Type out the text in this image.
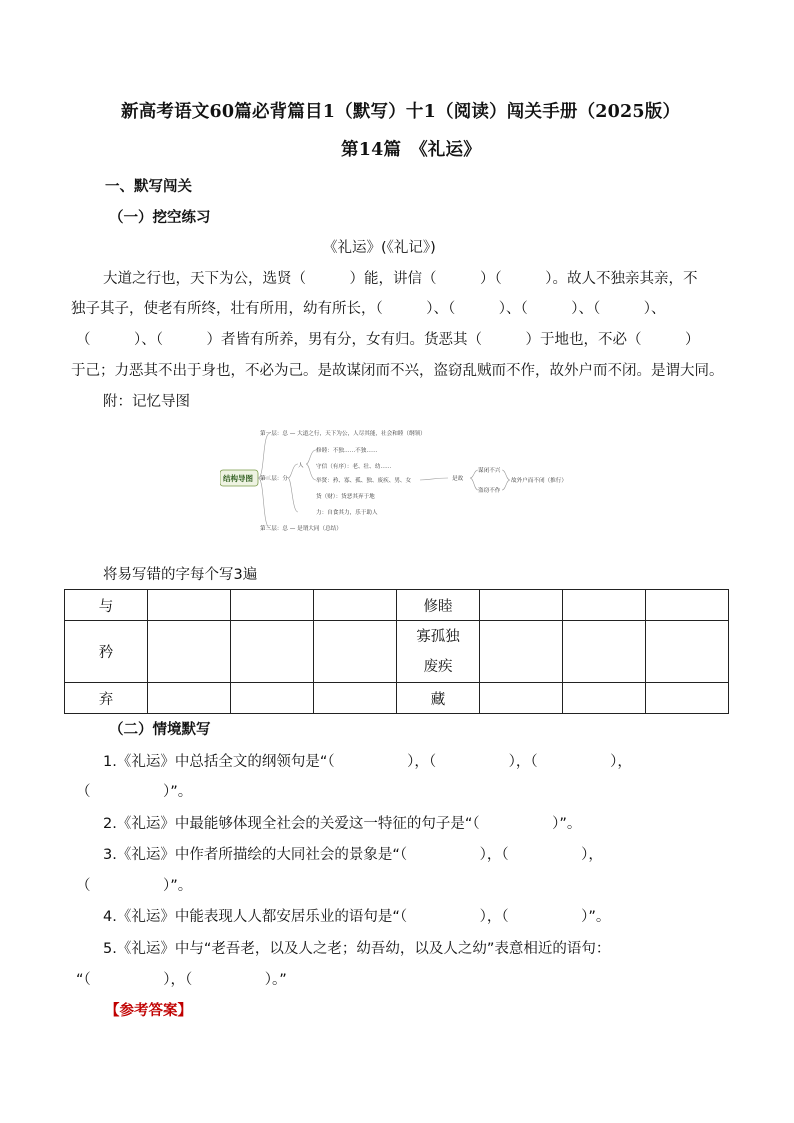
新高考语文60篇必背篇目1（默写）十1（阅读）闯关手册（2025版）
第14篇　《礼运》
一、默写闯关
（一）挖空练习
《礼运》(《礼记》)
大道之行也，天下为公，选贤（　　　）能，讲信（　　　）（　　　）。故人不独亲其亲，不
独子其子，使老有所终，壮有所用，幼有所长，（　　　）、（　　　）、（　　　）、（　　　）、
（　　　）、（　　　）者皆有所养，男有分，女有归。货恶其（　　　）于地也，不必（　　　）
于己；力恶其不出于身也，不必为己。是故谋闭而不兴，盗窃乱贼而不作，故外户而不闭。是谓大同。
附：记忆导图
结构导图
第一层：总 — 大道之行，天下为公，人尽其能，社会和睦（纲领）
第二层：分
第三层：总 — 是谓大同（总结）
人
修睦：不独……不独……
守信（有序）：老、壮、幼……
举贤：矜、寡、孤、独、废疾、男、女
货（财）：货恶其弃于地
力：自食其力，乐于助人
是故
谋闭不兴
盗窃不作
故外户而不闭（推行）
将易写错的字每个写3遍
与				修睦			
矜				寡孤独
废疾			

弃				藏			
（二）情境默写
1.《礼运》中总括全文的纲领句是“（　　　　　），（　　　　　），（　　　　　），
（　　　　　）”。
2.《礼运》中最能够体现全社会的关爱这一特征的句子是“（　　　　　）”。
3.《礼运》中作者所描绘的大同社会的景象是“（　　　　　），（　　　　　），
（　　　　　）”。
4.《礼运》中能表现人人都安居乐业的语句是“（　　　　　），（　　　　　）”。
5.《礼运》中与“老吾老，以及人之老；幼吾幼，以及人之幼”表意相近的语句：
“（　　　　　），（　　　　　）。”
【参考答案】
